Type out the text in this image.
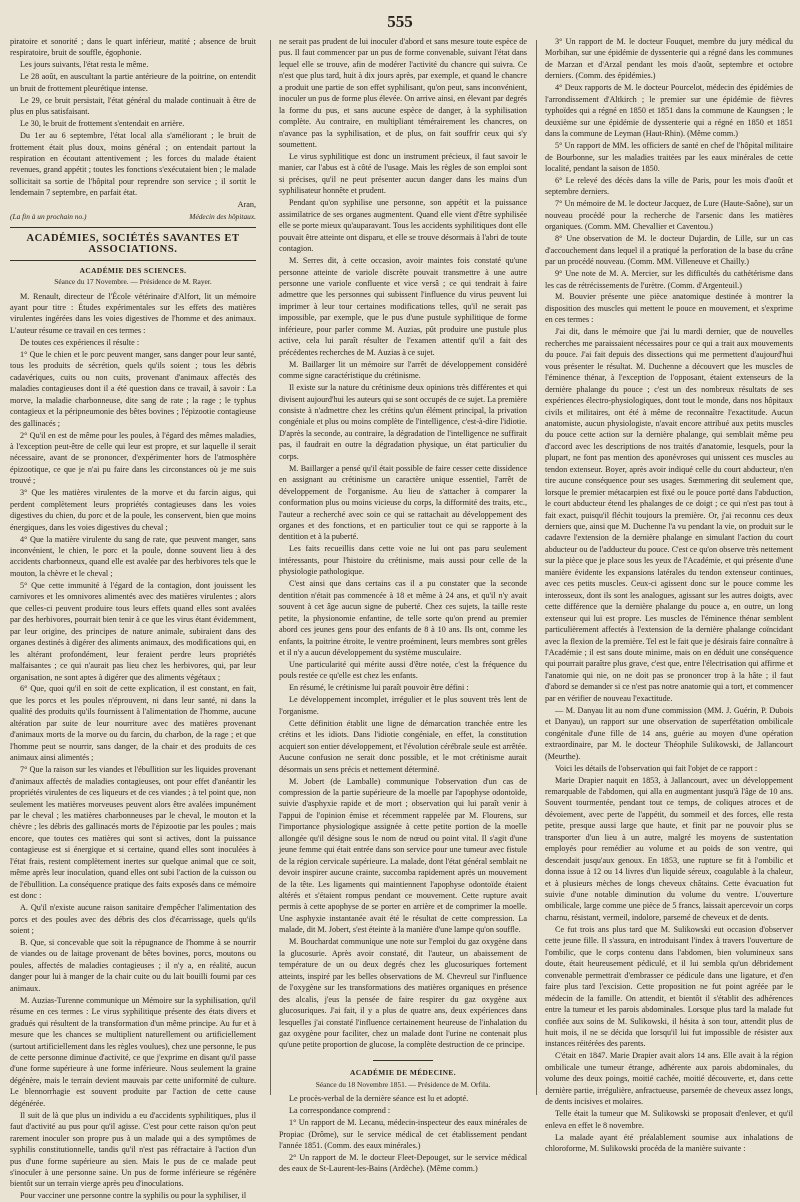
555

piratoire et sonorité ; dans le quart inférieur, matité ; absence de bruit respiratoire, bruit de souffle, égophonie.

Les jours suivants, l'état resta le même.

Le 28 août, en auscultant la partie antérieure de la poitrine, on entendit un bruit de frottement pleurétique intense.

Le 29, ce bruit persistait, l'état général du malade continuait à être de plus en plus satisfaisant.

Le 30, le bruit de frottement s'entendait en arrière.

Du 1er au 6 septembre, l'état local alla s'améliorant ; le bruit de frottement était plus doux, moins général ; on entendait partout la respiration en écoutant attentivement ; les forces du malade étaient revenues, grand appétit ; toutes les fonctions s'exécutaient bien ; le malade sollicitait sa sortie de l'hôpital pour reprendre son service ; il sortit le lendemain 7 septembre, en parfait état.

Aran,

(La fin à un prochain no.)	Médecin des hôpitaux.
ACADÉMIES, SOCIÉTÉS SAVANTES ET ASSOCIATIONS.
ACADÉMIE DES SCIENCES.
Séance du 17 Novembre. — Présidence de M. Rayer.

M. Renault, directeur de l'École vétérinaire d'Alfort, lit un mémoire ayant pour titre : Études expérimentales sur les effets des matières virulentes ingérées dans les voies digestives de l'homme et des animaux. L'auteur résume ce travail en ces termes :

De toutes ces expériences il résulte :

1° Que le chien et le porc peuvent manger, sans danger pour leur santé, tous les produits de sécrétion, quels qu'ils soient ; tous les débris cadavériques, cuits ou non cuits, provenant d'animaux affectés des maladies contagieuses dont il a été question dans ce travail, à savoir : La morve, la maladie charbonneuse, dite sang de rate ; la rage ; le typhus contagieux et la péripneumonie des bêtes bovines ; l'épizootie contagieuse des gallinacés ;

2° Qu'il en est de même pour les poules, à l'égard des mêmes maladies, à l'exception peut-être de celle qui leur est propre, et sur laquelle il serait nécessaire, avant de se prononcer, d'expérimenter hors de l'atmosphère épizootique, ce que je n'ai pu faire dans les circonstances où je me suis trouvé ;

3° Que les matières virulentes de la morve et du farcin aigus, qui perdent complètement leurs propriétés contagieuses dans les voies digestives du chien, du porc et de la poule, les conservent, bien que moins énergiques, dans les voies digestives du cheval ;

4° Que la matière virulente du sang de rate, que peuvent manger, sans inconvénient, le chien, le porc et la poule, donne souvent lieu à des accidents charbonneux, quand elle est avalée par des herbivores tels que le mouton, la chèvre et le cheval ;

5° Que cette immunité à l'égard de la contagion, dont jouissent les carnivores et les omnivores alimentés avec des matières virulentes ; alors que celles-ci peuvent produire tous leurs effets quand elles sont avalées par des herbivores, pourrait bien tenir à ce que les virus étant évidemment, par leur origine, des principes de nature animale, subiraient dans des organes destinés à digérer des aliments animaux, des modifications qui, en les altérant profondément, leur feraient perdre leurs propriétés malfaisantes ; ce qui n'aurait pas lieu chez les herbivores, qui, par leur organisation, ne sont aptes à digérer que des aliments végétaux ;

6° Que, quoi qu'il en soit de cette explication, il est constant, en fait, que les porcs et les poules n'éprouvent, ni dans leur santé, ni dans la qualité des produits qu'ils fournissent à l'alimentation de l'homme, aucune altération par suite de leur nourriture avec des matières provenant d'animaux morts de la morve ou du farcin, du charbon, de la rage ; et que l'homme peut se nourrir, sans danger, de la chair et des produits de ces animaux ainsi alimentés ;

7° Que la raison sur les viandes et l'ébullition sur les liquides provenant d'animaux affectés de maladies contagieuses, ont pour effet d'anéantir les propriétés virulentes de ces liqueurs et de ces viandes ; à tel point que, non seulement les matières morveuses peuvent alors être avalées impunément par le cheval ; les matières charbonneuses par le cheval, le mouton et la chèvre ; les débris des gallinacés morts de l'épizootie par les poules ; mais encore, que toutes ces matières qui sont si actives, dont la puissance contagieuse est si énergique et si certaine, quand elles sont inoculées à l'état frais, restent complètement inertes sur quelque animal que ce soit, même après leur inoculation, quand elles ont subi l'action de la cuisson ou de l'ébullition. La conséquence pratique des faits exposés dans ce mémoire est donc :

A. Qu'il n'existe aucune raison sanitaire d'empêcher l'alimentation des porcs et des poules avec des débris des clos d'écarrissage, quels qu'ils soient ;

B. Que, si concevable que soit la répugnance de l'homme à se nourrir de viandes ou de laitage provenant de bêtes bovines, porcs, moutons ou poules, affectés de maladies contagieuses ; il n'y a, en réalité, aucun danger pour lui à manger de la chair cuite ou du lait bouilli fourni par ces animaux.

M. Auzias-Turenne communique un Mémoire sur la syphilisation, qu'il résume en ces termes : Le virus syphilitique présente des états divers et gradués qui résultent de la transformation d'un même principe. Au fur et à mesure que les chances se multiplient naturellement ou artificiellement (surtout artificiellement dans les règles voulues), chez une personne, le pus de cette personne diminue d'activité, ce que j'exprime en disant qu'il passe d'une forme supérieure à une forme inférieure. Nous seulement la graine dégénère, mais le terrain devient mauvais par cette uniformité de culture. Le blennorrhagie est souvent produite par l'action de cette cause dégénérée.

Il suit de là que plus un individu a eu d'accidents syphilitiques, plus il faut d'activité au pus pour qu'il agisse. C'est pour cette raison qu'on peut rarement inoculer son propre pus à un malade qui a des symptômes de syphilis constitutionnelle, tandis qu'il n'est pas réfractaire à l'action d'un pus d'une forme supérieure au sien. Mais le pus de ce malade peut s'inoculer à une personne saine. Un pus de forme inférieure se régénère bientôt sur un terrain vierge après peu d'inoculations.

Pour vacciner une personne contre la syphilis ou pour la syphiliser, il

ne serait pas prudent de lui inoculer d'abord et sans mesure toute espèce de pus. Il faut commencer par un pus de forme convenable, suivant l'état dans lequel elle se trouve, afin de modérer l'activité du chancre qui suivra. Ce n'est que plus tard, huit à dix jours après, par exemple, et quand le chancre a produit une partie de son effet syphilisant, qu'on peut, sans inconvénient, inoculer un pus de forme plus élevée. On arrive ainsi, en élevant par degrés la forme du pus, et sans aucune espèce de danger, à la syphilisation complète. Au contraire, en multipliant témérairement les chancres, on n'avance pas la syphilisation, et de plus, on fait souffrir ceux qui s'y soumettent.

Le virus syphilitique est donc un instrument précieux, il faut savoir le manier, car l'abus est à côté de l'usage. Mais les règles de son emploi sont si précises, qu'il ne peut présenter aucun danger dans les mains d'un syphilisateur honnête et prudent.

Pendant qu'on syphilise une personne, son appétit et la puissance assimilatrice de ses organes augmentent. Quand elle vient d'être syphilisée elle se porte mieux qu'auparavant. Tous les accidents syphilitiques dont elle pouvait être atteinte ont disparu, et elle se trouve désormais à l'abri de toute contagion.

M. Serres dit, à cette occasion, avoir maintes fois constaté qu'une personne atteinte de variole discrète pouvait transmettre à une autre personne une variole confluente et vice versâ ; ce qui tendrait à faire admettre que les personnes qui subissent l'influence du virus peuvent lui imprimer à leur tour certaines modifications telles, qu'il ne serait pas impossible, par exemple, que le pus d'une pustule syphilitique de forme inférieure, pour parler comme M. Auzias, pût produire une pustule plus active, cela lui paraît résulter de l'examen attentif qu'il a fait des précédentes recherches de M. Auzias à ce sujet.

M. Baillarger lit un mémoire sur l'arrêt de développement considéré comme signe caractéristique du crétinisme.

Il existe sur la nature du crétinisme deux opinions très différentes et qui divisent aujourd'hui les auteurs qui se sont occupés de ce sujet. La première consiste à n'admettre chez les crétins qu'un élément principal, la privation congéniale et plus ou moins complète de l'intelligence, c'est-à-dire l'idiotie. D'après la seconde, au contraire, la dégradation de l'intelligence ne suffirait pas, il faudrait en outre la dégradation physique, un état particulier du corps.

M. Baillarger a pensé qu'il était possible de faire cesser cette dissidence en assignant au crétinisme un caractère unique essentiel, l'arrêt de développement de l'organisme. Au lieu de s'attacher à comparer la conformation plus ou moins vicieuse du corps, la difformité des traits, etc., l'auteur a recherché avec soin ce qui se rattachait au développement des organes et des fonctions, et en particulier tout ce qui se rapporte à la dentition et à la puberté.

Les faits recueillis dans cette voie ne lui ont pas paru seulement intéressants, pour l'histoire du crétinisme, mais aussi pour celle de la physiologie pathologique.

C'est ainsi que dans certains cas il a pu constater que la seconde dentition n'était pas commencée à 18 et même à 24 ans, et qu'il n'y avait souvent à cet âge aucun signe de puberté. Chez ces sujets, la taille reste petite, la physionomie enfantine, de telle sorte qu'on prend au premier abord ces jeunes gens pour des enfants de 8 à 10 ans. Ils ont, comme les enfants, la poitrine étroite, le ventre proéminent, leurs membres sont grêles et il n'y a aucun développement du système musculaire.

Une particularité qui mérite aussi d'être notée, c'est la fréquence du pouls restée ce qu'elle est chez les enfants.

En résumé, le crétinisme lui paraît pouvoir être défini :

Le développement incomplet, irrégulier et le plus souvent très lent de l'organisme.

Cette définition établit une ligne de démarcation tranchée entre les crétins et les idiots. Dans l'idiotie congéniale, en effet, la constitution acquiert son entier développement, et l'évolution cérébrale seule est arrêtée. Aucune confusion ne serait donc possible, et le mot crétinisme aurait désormais un sens précis et nettement déterminé.

M. Jobert (de Lamballe) communique l'observation d'un cas de compression de la partie supérieure de la moelle par l'apophyse odontoïde, suivie d'asphyxie rapide et de mort ; observation qui lui paraît venir à l'appui de l'opinion émise et récemment rappelée par M. Flourens, sur l'importance physiologique assignée à cette petite portion de la moelle allongée qu'il désigne sous le nom de nœud ou point vital. Il s'agit d'une jeune femme qui était entrée dans son service pour une tumeur avec fistule de la région cervicale supérieure. La malade, dont l'état général semblait ne devoir inspirer aucune crainte, succomba rapidement après un mouvement de la tête. Les ligaments qui maintiennent l'apophyse odontoïde étaient altérés et s'étaient rompus pendant ce mouvement. Cette rupture avait permis à cette apophyse de se porter en arrière et de comprimer la moelle. Une asphyxie instantanée avait été le résultat de cette compression. La malade, dit M. Jobert, s'est éteinte à la manière d'une lampe qu'on souffle.

M. Bouchardat communique une note sur l'emploi du gaz oxygène dans la glucosurie. Après avoir constaté, dit l'auteur, un abaissement de température de un ou deux degrés chez les glucosuriques fortement atteints, inspiré par les belles observations de M. Chevreul sur l'influence de l'oxygène sur les transformations des matières organiques en présence des alcalis, j'eus la pensée de faire respirer du gaz oxygène aux glucosuriques. J'ai fait, il y a plus de quatre ans, deux expériences dans lesquelles j'ai constaté l'influence certainement heureuse de l'inhalation du gaz oxygène pour faciliter, chez un malade dont l'urine ne contenait plus qu'une petite proportion de glucose, la complète destruction de ce principe.

ACADÉMIE DE MÉDECINE.
Séance du 18 Novembre 1851. — Présidence de M. Orfila.

Le procès-verbal de la dernière séance est lu et adopté.

La correspondance comprend :

1° Un rapport de M. Lecanu, médecin-inspecteur des eaux minérales de Propiac (Drôme), sur le service médical de cet établissement pendant l'année 1851. (Comm. des eaux minérales.)

2° Un rapport de M. le docteur Fleet-Depouget, sur le service médical des eaux de St-Laurent-les-Bains (Ardèche). (Même comm.)

3° Un rapport de M. le docteur Fouquet, membre du jury médical du Morbihan, sur une épidémie de dyssenterie qui a régné dans les communes de Marzan et d'Arzal pendant les mois d'août, septembre et octobre derniers. (Comm. des épidémies.)

4° Deux rapports de M. le docteur Pourcelot, médecin des épidémies de l'arrondissement d'Altkirch ; le premier sur une épidémie de fièvres typhoïdes qui a régné en 1850 et 1851 dans la commune de Kaungsen ; le deuxième sur une épidémie de dyssenterie qui a régné en 1850 et 1851 dans la commune de Leyman (Haut-Rhin). (Même comm.)

5° Un rapport de MM. les officiers de santé en chef de l'hôpital militaire de Bourbonne, sur les maladies traitées par les eaux minérales de cette localité, pendant la saison de 1850.

6° Le relevé des décès dans la ville de Paris, pour les mois d'août et septembre derniers.

7° Un mémoire de M. le docteur Jacquez, de Lure (Haute-Saône), sur un nouveau procédé pour la recherche de l'arsenic dans les matières organiques. (Comm. MM. Chevallier et Caventou.)

8° Une observation de M. le docteur Dujardin, de Lille, sur un cas d'accouchement dans lequel il a pratiqué la perforation de la base du crâne par un procédé nouveau. (Comm. MM. Villeneuve et Chailly.)

9° Une note de M. A. Mercier, sur les difficultés du cathétérisme dans les cas de rétrécissements de l'urètre. (Comm. d'Argenteuil.)

M. Bouvier présente une pièce anatomique destinée à montrer la disposition des muscles qui mettent le pouce en mouvement, et s'exprime en ces termes :

J'ai dit, dans le mémoire que j'ai lu mardi dernier, que de nouvelles recherches me paraissaient nécessaires pour ce qui a trait aux mouvements du pouce. J'ai fait depuis des dissections qui me permettent d'aujourd'hui vous présenter le résultat. M. Duchenne a découvert que les muscles de l'éminence thénar, à l'exception de l'opposant, étaient extenseurs de la dernière phalange du pouce ; c'est un des nombreux résultats de ses expériences électro-physiologiques, dont tout le monde, dans nos hôpitaux civils et militaires, ont été à même de reconnaître l'exactitude. Aucun anatomiste, aucun physiologiste, n'avait encore attribué aux petits muscles du pouce cette action sur la dernière phalange, qui semblait même peu d'accord avec les descriptions de nos traités d'anatomie, lesquels, pour la plupart, ne font pas mention des aponévroses qui unissent ces muscles au tendon extenseur. Boyer, après avoir indiqué celle du court abducteur, n'en tire aucune conséquence pour ses usages. Sœmmering dit seulement que, lorsque le premier métacarpien est fixé ou le pouce porté dans l'abduction, le court abducteur étend les phalanges de ce doigt ; ce qui n'est pas tout à fait exact, puisqu'il fléchit toujours la première. Or, j'ai reconnu ces deux derniers que, ainsi que M. Duchenne l'a vu pendant la vie, on produit sur le cadavre l'extension de la dernière phalange en simulant l'action du court abducteur ou de l'adducteur du pouce. C'est ce qu'on observe très nettement sur la pièce que je place sous les yeux de l'Académie, et qui présente d'une manière évidente les expansions latérales du tendon extenseur continues, avec ces petits muscles. Ceux-ci agissent donc sur le pouce comme les interosseux, dont ils sont les analogues, agissant sur les autres doigts, avec cette différence que la dernière phalange du pouce a, en outre, un long extenseur qui lui est propre. Les muscles de l'éminence thénar semblent particulièrement affectés à l'extension de la dernière phalange coïncidant avec la flexion de la première. Tel est le fait que je désirais faire connaître à l'Académie ; il est sans doute minime, mais on en déduit une conséquence qui pourrait paraître plus grave, c'est que, entre l'électrisation qui affirme et l'anatomie qui nie, on ne doit pas se prononcer trop à la hâte ; il faut d'abord se demander si ce n'est pas notre anatomie qui a tort, et commencer par en vérifier de nouveau l'exactitude.

— M. Danyau lit au nom d'une commission (MM. J. Guérin, P. Dubois et Danyau), un rapport sur une observation de superfétation ombilicale congénitale d'une fille de 14 ans, guérie au moyen d'une opération extraordinaire, par M. le docteur Théophile Sulikowski, de Jallancourt (Meurthe).

Voici les détails de l'observation qui fait l'objet de ce rapport :

Marie Drapier naquit en 1853, à Jallancourt, avec un développement remarquable de l'abdomen, qui alla en augmentant jusqu'à l'âge de 10 ans. Souvent tourmentée, pendant tout ce temps, de coliques atroces et de dévoiement, avec perte de l'appétit, du sommeil et des forces, elle resta petite, presque aussi large que haute, et finit par ne pouvoir plus se transporter d'un lieu à un autre, malgré les moyens de sustentation employés pour remédier au volume et au poids de son ventre, qui descendait jusqu'aux genoux. En 1853, une rupture se fit à l'ombilic et donna issue à 12 ou 14 livres d'un liquide séreux, coagulable à la chaleur, et à plusieurs mèches de longs cheveux châtains. Cette évacuation fut suivie d'une notable diminution du volume du ventre. L'ouverture ombilicale, large comme une pièce de 5 francs, laissait apercevoir un corps charnu, résistant, vermeil, indolore, parsemé de cheveux et de dents.

Ce fut trois ans plus tard que M. Sulikowski eut occasion d'observer cette jeune fille. Il s'assura, en introduisant l'index à travers l'ouverture de l'ombilic, que le corps contenu dans l'abdomen, bien volumineux sans doute, était heureusement pédiculé, et il lui sembla qu'un débridement convenable permettrait d'embrasser ce pédicule dans une ligature, et d'en faire plus tard l'excision. Cette proposition ne fut point agréée par le médecin de la famille. On attendit, et bientôt il s'établit des adhérences entre la tumeur et les parois abdominales. Lorsque plus tard la malade fut confiée aux soins de M. Sulikowski, il hésita à son tour, attendit plus de huit mois, il ne se décida que lorsqu'il lui fut impossible de résister aux instances réitérées des parents.

C'était en 1847. Marie Drapier avait alors 14 ans. Elle avait à la région ombilicale une tumeur étrange, adhérente aux parois abdominales, du volume des deux poings, moitié cachée, moitié découverte, et, dans cette dernière partie, irrégulière, anfractueuse, parsemée de cheveux assez longs, de dents incisives et molaires.

Telle était la tumeur que M. Sulikowski se proposait d'enlever, et qu'il enleva en effet le 8 novembre.

La malade ayant été préalablement soumise aux inhalations de chloroforme, M. Sulikowski procéda de la manière suivante :
